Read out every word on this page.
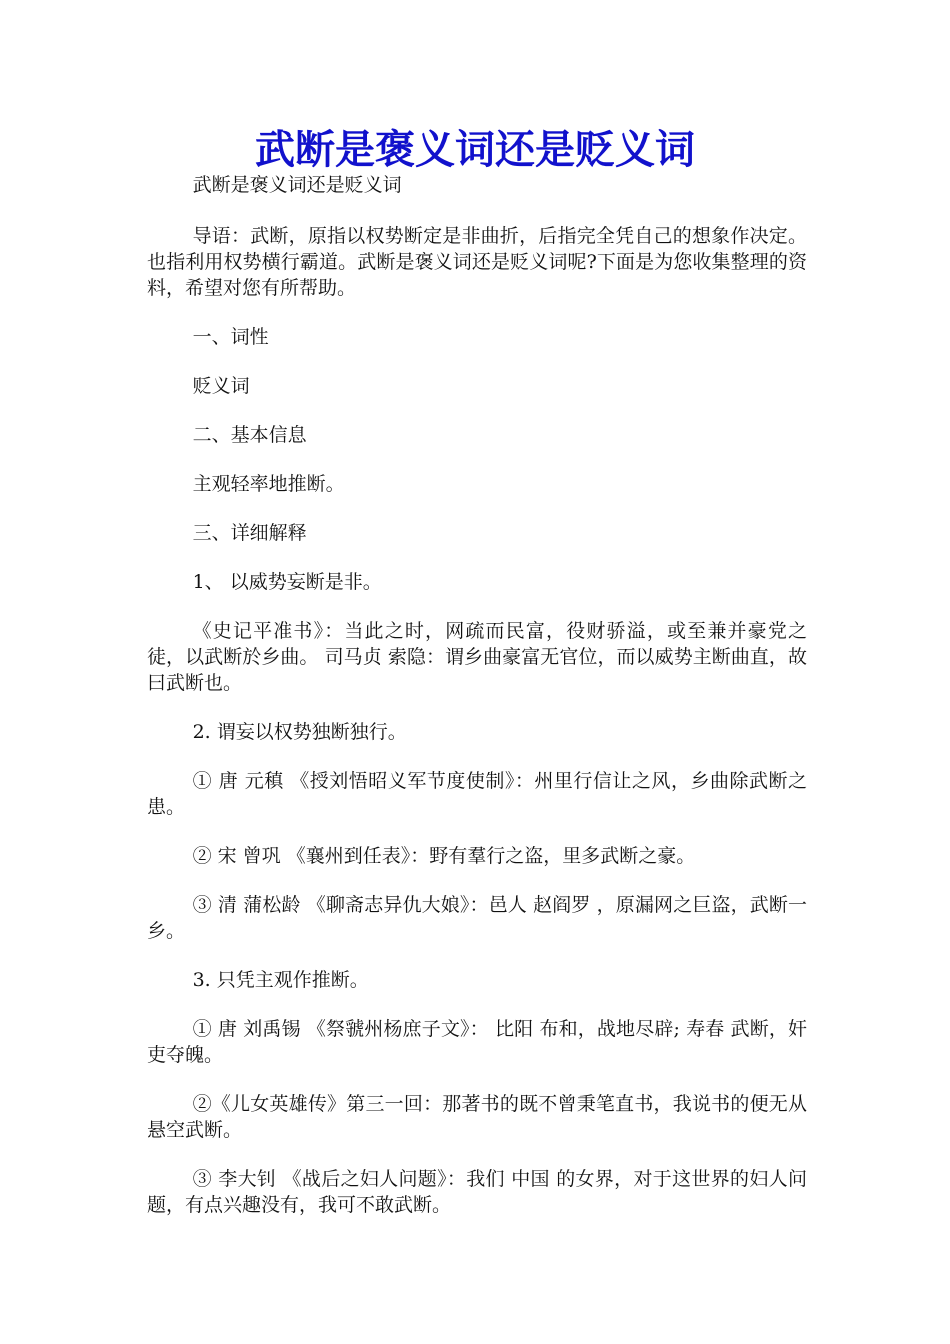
武断是褒义词还是贬义词

武断是褒义词还是贬义词

导语：武断，原指以权势断定是非曲折，后指完全凭自己的想象作决定。也指利用权势横行霸道。武断是褒义词还是贬义词呢?下面是为您收集整理的资料，希望对您有所帮助。

一、词性

贬义词

二、基本信息

主观轻率地推断。

三、详细解释

1、 以威势妄断是非。

《史记平准书》：当此之时，网疏而民富，役财骄溢，或至兼并豪党之徒，以武断於乡曲。 司马贞 索隐：谓乡曲豪富无官位，而以威势主断曲直，故曰武断也。

2. 谓妄以权势独断独行。

① 唐 元稹 《授刘悟昭义军节度使制》：州里行信让之风，乡曲除武断之患。

② 宋 曾巩 《襄州到任表》：野有羣行之盗，里多武断之豪。

③ 清 蒲松龄 《聊斋志异仇大娘》：邑人 赵阎罗 ，原漏网之巨盗，武断一乡。

3. 只凭主观作推断。

① 唐 刘禹锡 《祭虢州杨庶子文》： 比阳 布和，战地尽辟; 寿春 武断，奸吏夺魄。

②《儿女英雄传》第三一回：那著书的既不曾秉笔直书，我说书的便无从悬空武断。

③ 李大钊 《战后之妇人问题》：我们 中国 的女界，对于这世界的妇人问题，有点兴趣没有，我可不敢武断。
